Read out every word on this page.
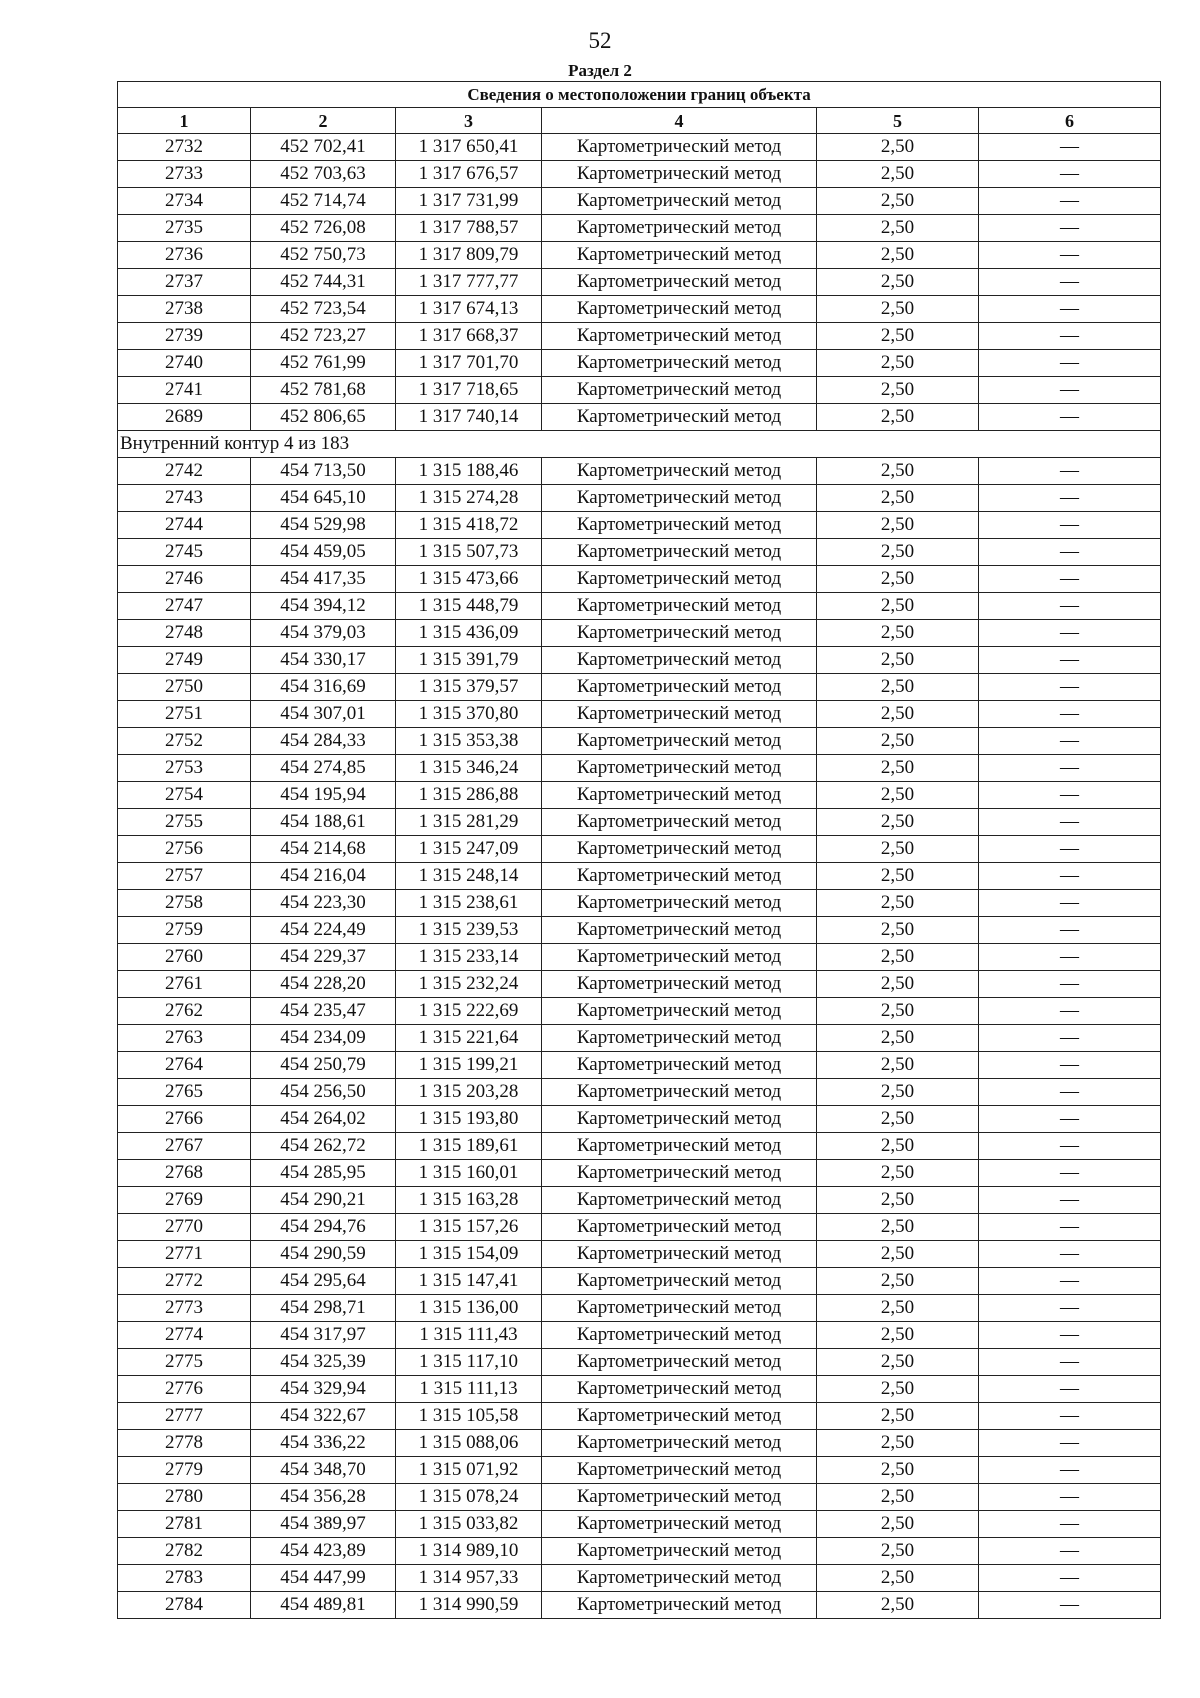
52
Раздел 2
Сведения о местоположении границ объекта					
1	2	3	4	5	6
2732	452 702,41	1 317 650,41	Картометрический метод	2,50	—
2733	452 703,63	1 317 676,57	Картометрический метод	2,50	—
2734	452 714,74	1 317 731,99	Картометрический метод	2,50	—
2735	452 726,08	1 317 788,57	Картометрический метод	2,50	—
2736	452 750,73	1 317 809,79	Картометрический метод	2,50	—
2737	452 744,31	1 317 777,77	Картометрический метод	2,50	—
2738	452 723,54	1 317 674,13	Картометрический метод	2,50	—
2739	452 723,27	1 317 668,37	Картометрический метод	2,50	—
2740	452 761,99	1 317 701,70	Картометрический метод	2,50	—
2741	452 781,68	1 317 718,65	Картометрический метод	2,50	—
2689	452 806,65	1 317 740,14	Картометрический метод	2,50	—
Внутренний контур 4 из 183					
2742	454 713,50	1 315 188,46	Картометрический метод	2,50	—
2743	454 645,10	1 315 274,28	Картометрический метод	2,50	—
2744	454 529,98	1 315 418,72	Картометрический метод	2,50	—
2745	454 459,05	1 315 507,73	Картометрический метод	2,50	—
2746	454 417,35	1 315 473,66	Картометрический метод	2,50	—
2747	454 394,12	1 315 448,79	Картометрический метод	2,50	—
2748	454 379,03	1 315 436,09	Картометрический метод	2,50	—
2749	454 330,17	1 315 391,79	Картометрический метод	2,50	—
2750	454 316,69	1 315 379,57	Картометрический метод	2,50	—
2751	454 307,01	1 315 370,80	Картометрический метод	2,50	—
2752	454 284,33	1 315 353,38	Картометрический метод	2,50	—
2753	454 274,85	1 315 346,24	Картометрический метод	2,50	—
2754	454 195,94	1 315 286,88	Картометрический метод	2,50	—
2755	454 188,61	1 315 281,29	Картометрический метод	2,50	—
2756	454 214,68	1 315 247,09	Картометрический метод	2,50	—
2757	454 216,04	1 315 248,14	Картометрический метод	2,50	—
2758	454 223,30	1 315 238,61	Картометрический метод	2,50	—
2759	454 224,49	1 315 239,53	Картометрический метод	2,50	—
2760	454 229,37	1 315 233,14	Картометрический метод	2,50	—
2761	454 228,20	1 315 232,24	Картометрический метод	2,50	—
2762	454 235,47	1 315 222,69	Картометрический метод	2,50	—
2763	454 234,09	1 315 221,64	Картометрический метод	2,50	—
2764	454 250,79	1 315 199,21	Картометрический метод	2,50	—
2765	454 256,50	1 315 203,28	Картометрический метод	2,50	—
2766	454 264,02	1 315 193,80	Картометрический метод	2,50	—
2767	454 262,72	1 315 189,61	Картометрический метод	2,50	—
2768	454 285,95	1 315 160,01	Картометрический метод	2,50	—
2769	454 290,21	1 315 163,28	Картометрический метод	2,50	—
2770	454 294,76	1 315 157,26	Картометрический метод	2,50	—
2771	454 290,59	1 315 154,09	Картометрический метод	2,50	—
2772	454 295,64	1 315 147,41	Картометрический метод	2,50	—
2773	454 298,71	1 315 136,00	Картометрический метод	2,50	—
2774	454 317,97	1 315 111,43	Картометрический метод	2,50	—
2775	454 325,39	1 315 117,10	Картометрический метод	2,50	—
2776	454 329,94	1 315 111,13	Картометрический метод	2,50	—
2777	454 322,67	1 315 105,58	Картометрический метод	2,50	—
2778	454 336,22	1 315 088,06	Картометрический метод	2,50	—
2779	454 348,70	1 315 071,92	Картометрический метод	2,50	—
2780	454 356,28	1 315 078,24	Картометрический метод	2,50	—
2781	454 389,97	1 315 033,82	Картометрический метод	2,50	—
2782	454 423,89	1 314 989,10	Картометрический метод	2,50	—
2783	454 447,99	1 314 957,33	Картометрический метод	2,50	—
2784	454 489,81	1 314 990,59	Картометрический метод	2,50	—
